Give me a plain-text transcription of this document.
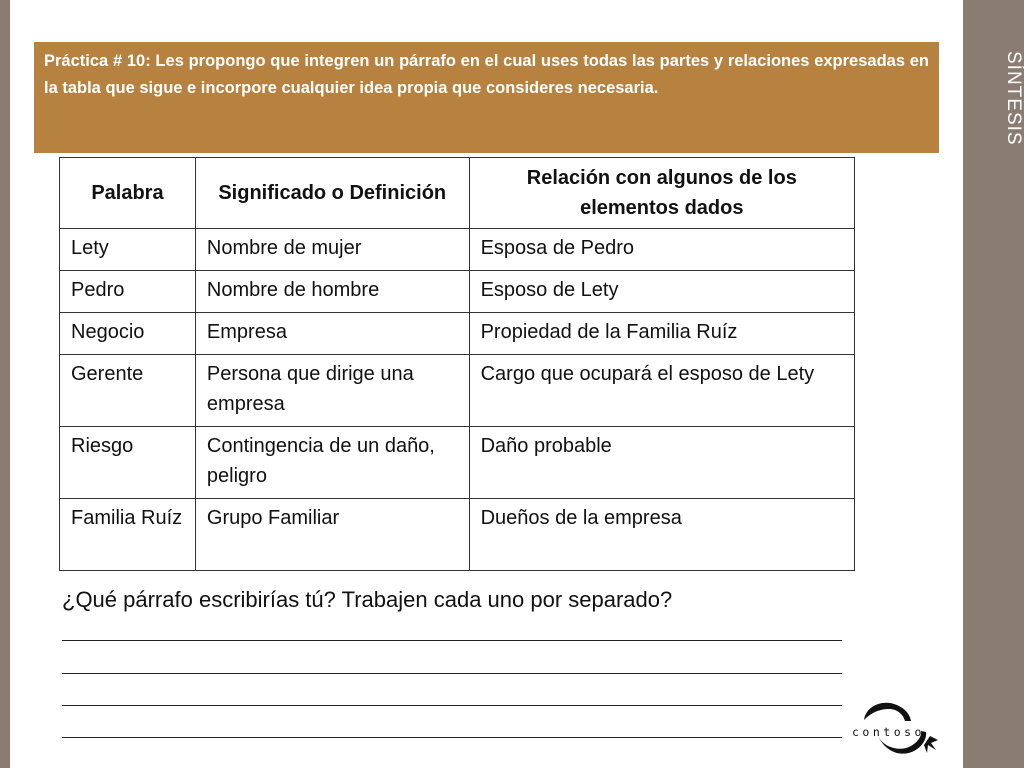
SÍNTESIS
Práctica # 10: Les propongo que integren un párrafo en el cual uses todas las partes y relaciones expresadas en la tabla que sigue e incorpore cualquier idea propia que consideres necesaria.
Palabra	Significado o Definición	Relación con algunos de los elementos dados
Lety	Nombre de mujer	Esposa de Pedro
Pedro	Nombre de hombre	Esposo de Lety
Negocio	Empresa	Propiedad de la Familia Ruíz
Gerente	Persona que dirige una empresa	Cargo que ocupará el esposo de Lety
Riesgo	Contingencia de un daño, peligro	Daño probable
Familia Ruíz	Grupo Familiar	Dueños de la empresa
¿Qué párrafo escribirías tú? Trabajen cada uno por separado?
contoso
